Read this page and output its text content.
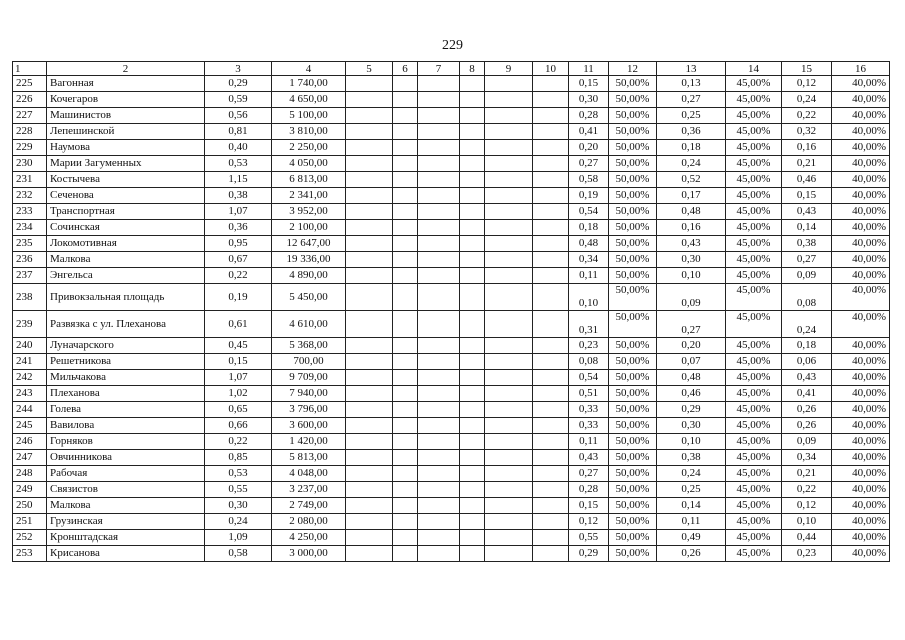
229
1	2	3	4	5	6	7	8	9	10	11	12	13	14	15	16
225	Вагонная	0,29	1 740,00							0,15	50,00%	0,13	45,00%	0,12	40,00%
226	Кочегаров	0,59	4 650,00							0,30	50,00%	0,27	45,00%	0,24	40,00%
227	Машинистов	0,56	5 100,00							0,28	50,00%	0,25	45,00%	0,22	40,00%
228	Лепешинской	0,81	3 810,00							0,41	50,00%	0,36	45,00%	0,32	40,00%
229	Наумова	0,40	2 250,00							0,20	50,00%	0,18	45,00%	0,16	40,00%
230	Марии Загуменных	0,53	4 050,00							0,27	50,00%	0,24	45,00%	0,21	40,00%
231	Костычева	1,15	6 813,00							0,58	50,00%	0,52	45,00%	0,46	40,00%
232	Сеченова	0,38	2 341,00							0,19	50,00%	0,17	45,00%	0,15	40,00%
233	Транспортная	1,07	3 952,00							0,54	50,00%	0,48	45,00%	0,43	40,00%
234	Сочинская	0,36	2 100,00							0,18	50,00%	0,16	45,00%	0,14	40,00%
235	Локомотивная	0,95	12 647,00							0,48	50,00%	0,43	45,00%	0,38	40,00%
236	Малкова	0,67	19 336,00							0,34	50,00%	0,30	45,00%	0,27	40,00%
237	Энгельса	0,22	4 890,00							0,11	50,00%	0,10	45,00%	0,09	40,00%
238	Привокзальная площадь	0,19	5 450,00							0,10	50,00%	0,09	45,00%	0,08	40,00%
239	Развязка с ул. Плеханова	0,61	4 610,00							0,31	50,00%	0,27	45,00%	0,24	40,00%
240	Луначарского	0,45	5 368,00							0,23	50,00%	0,20	45,00%	0,18	40,00%
241	Решетникова	0,15	700,00							0,08	50,00%	0,07	45,00%	0,06	40,00%
242	Мильчакова	1,07	9 709,00							0,54	50,00%	0,48	45,00%	0,43	40,00%
243	Плеханова	1,02	7 940,00							0,51	50,00%	0,46	45,00%	0,41	40,00%
244	Голева	0,65	3 796,00							0,33	50,00%	0,29	45,00%	0,26	40,00%
245	Вавилова	0,66	3 600,00							0,33	50,00%	0,30	45,00%	0,26	40,00%
246	Горняков	0,22	1 420,00							0,11	50,00%	0,10	45,00%	0,09	40,00%
247	Овчинникова	0,85	5 813,00							0,43	50,00%	0,38	45,00%	0,34	40,00%
248	Рабочая	0,53	4 048,00							0,27	50,00%	0,24	45,00%	0,21	40,00%
249	Связистов	0,55	3 237,00							0,28	50,00%	0,25	45,00%	0,22	40,00%
250	Малкова	0,30	2 749,00							0,15	50,00%	0,14	45,00%	0,12	40,00%
251	Грузинская	0,24	2 080,00							0,12	50,00%	0,11	45,00%	0,10	40,00%
252	Кронштадская	1,09	4 250,00							0,55	50,00%	0,49	45,00%	0,44	40,00%
253	Крисанова	0,58	3 000,00							0,29	50,00%	0,26	45,00%	0,23	40,00%
